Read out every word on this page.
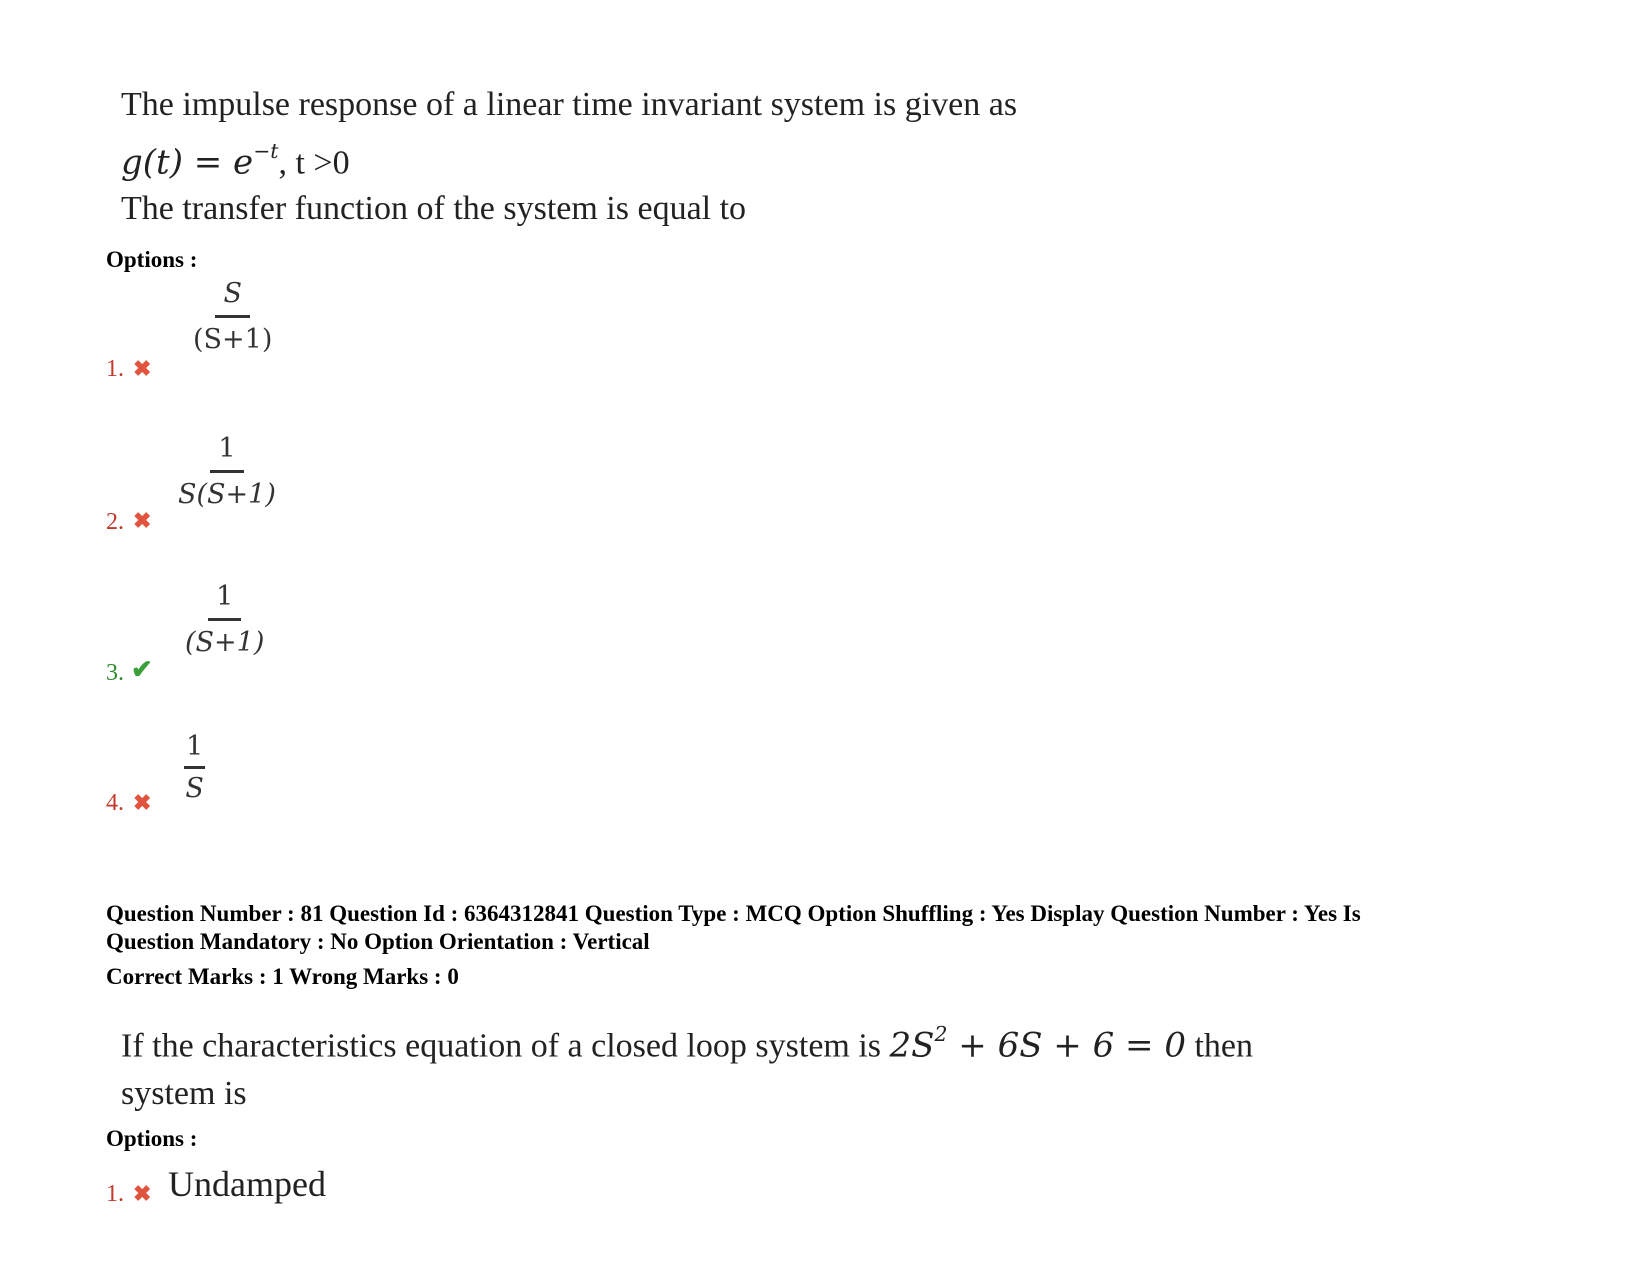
The impulse response of a linear time invariant system is given as
$g(t) = e^{-t}$, t >0
The transfer function of the system is equal to
Options :
$\frac{S}{(S+1)}$
1. ✖
$\frac{1}{S(S+1)}$
2. ✖
$\frac{1}{(S+1)}$
3. ✔
$\frac{1}{S}$
4. ✖
Question Number : 81 Question Id : 6364312841 Question Type : MCQ Option Shuffling : Yes Display Question Number : Yes Is
Question Mandatory : No Option Orientation : Vertical
Correct Marks : 1 Wrong Marks : 0
If the characteristics equation of a closed loop system is $2S^2 + 6S + 6 = 0$ then
system is
Options :
1. ✖ Undamped
